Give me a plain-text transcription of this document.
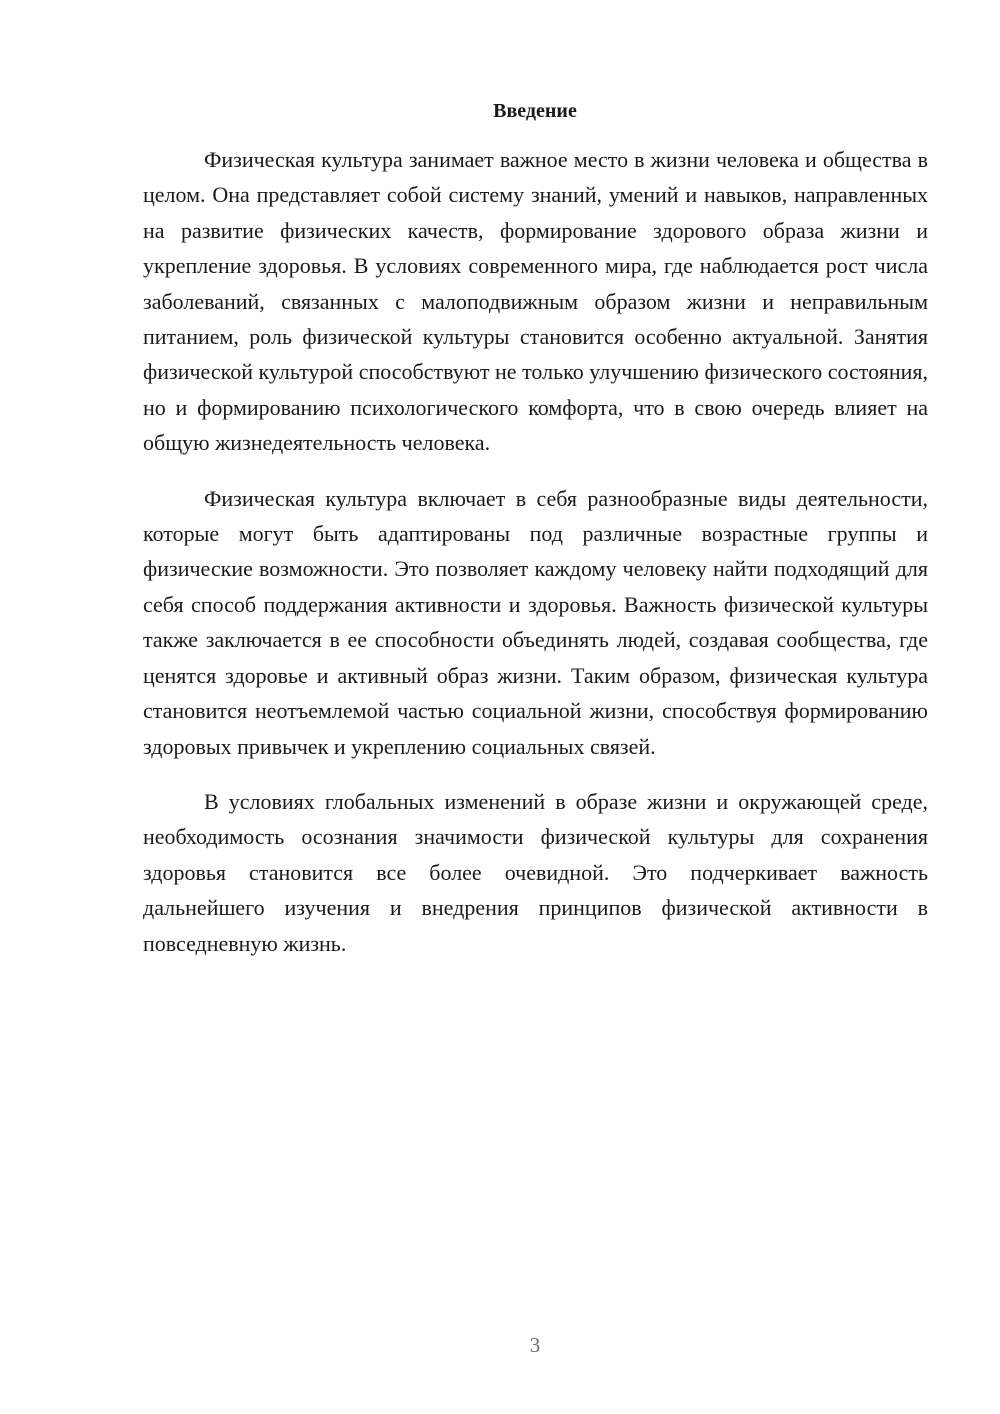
Введение

Физическая культура занимает важное место в жизни человека и общества в целом. Она представляет собой систему знаний, умений и навыков, направленных на развитие физических качеств, формирование здорового образа жизни и укрепление здоровья. В условиях современного мира, где наблюдается рост числа заболеваний, связанных с малоподвижным образом жизни и неправильным питанием, роль физической культуры становится особенно актуальной. Занятия физической культурой способствуют не только улучшению физического состояния, но и формированию психологического комфорта, что в свою очередь влияет на общую жизнедеятельность человека.

Физическая культура включает в себя разнообразные виды деятельности, которые могут быть адаптированы под различные возрастные группы и физические возможности. Это позволяет каждому человеку найти подходящий для себя способ поддержания активности и здоровья. Важность физической культуры также заключается в ее способности объединять людей, создавая сообщества, где ценятся здоровье и активный образ жизни. Таким образом, физическая культура становится неотъемлемой частью социальной жизни, способствуя формированию здоровых привычек и укреплению социальных связей.

В условиях глобальных изменений в образе жизни и окружающей среде, необходимость осознания значимости физической культуры для сохранения здоровья становится все более очевидной. Это подчеркивает важность дальнейшего изучения и внедрения принципов физической активности в повседневную жизнь.

3
